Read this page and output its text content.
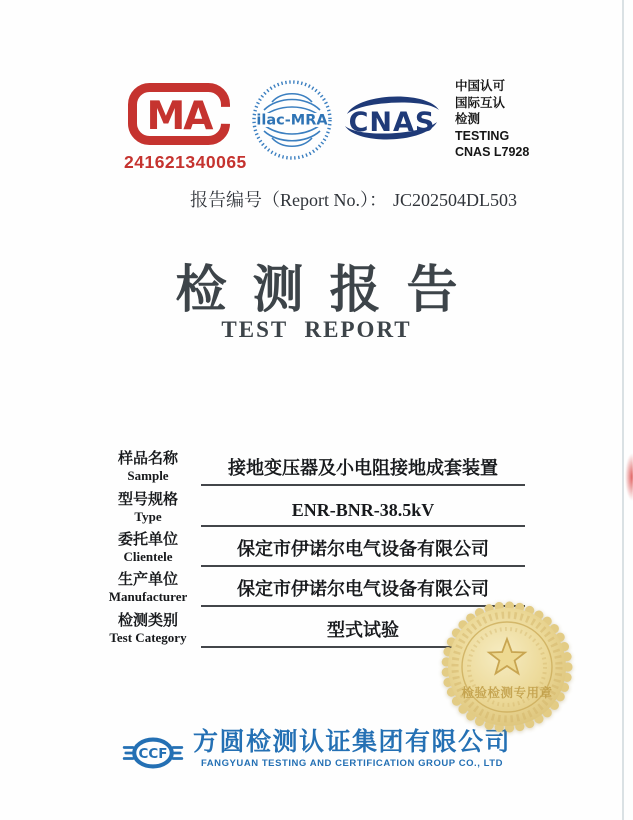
MA
241621340065
ilac-MRA CNAS
中国认可
国际互认
检测
TESTING
CNAS L7928
报告编号（Report No.）： JC202504DL503
检测报告
TEST REPORT
样品名称
Sample	接地变压器及小电阻接地成套装置
型号规格
Type	ENR-BNR-38.5kV
委托单位
Clientele	保定市伊诺尔电气设备有限公司
生产单位
Manufacturer	保定市伊诺尔电气设备有限公司
检测类别
Test Category	型式试验
检验检测专用章
CCF 方圆检测认证集团有限公司
FANGYUAN TESTING AND CERTIFICATION GROUP CO., LTD
